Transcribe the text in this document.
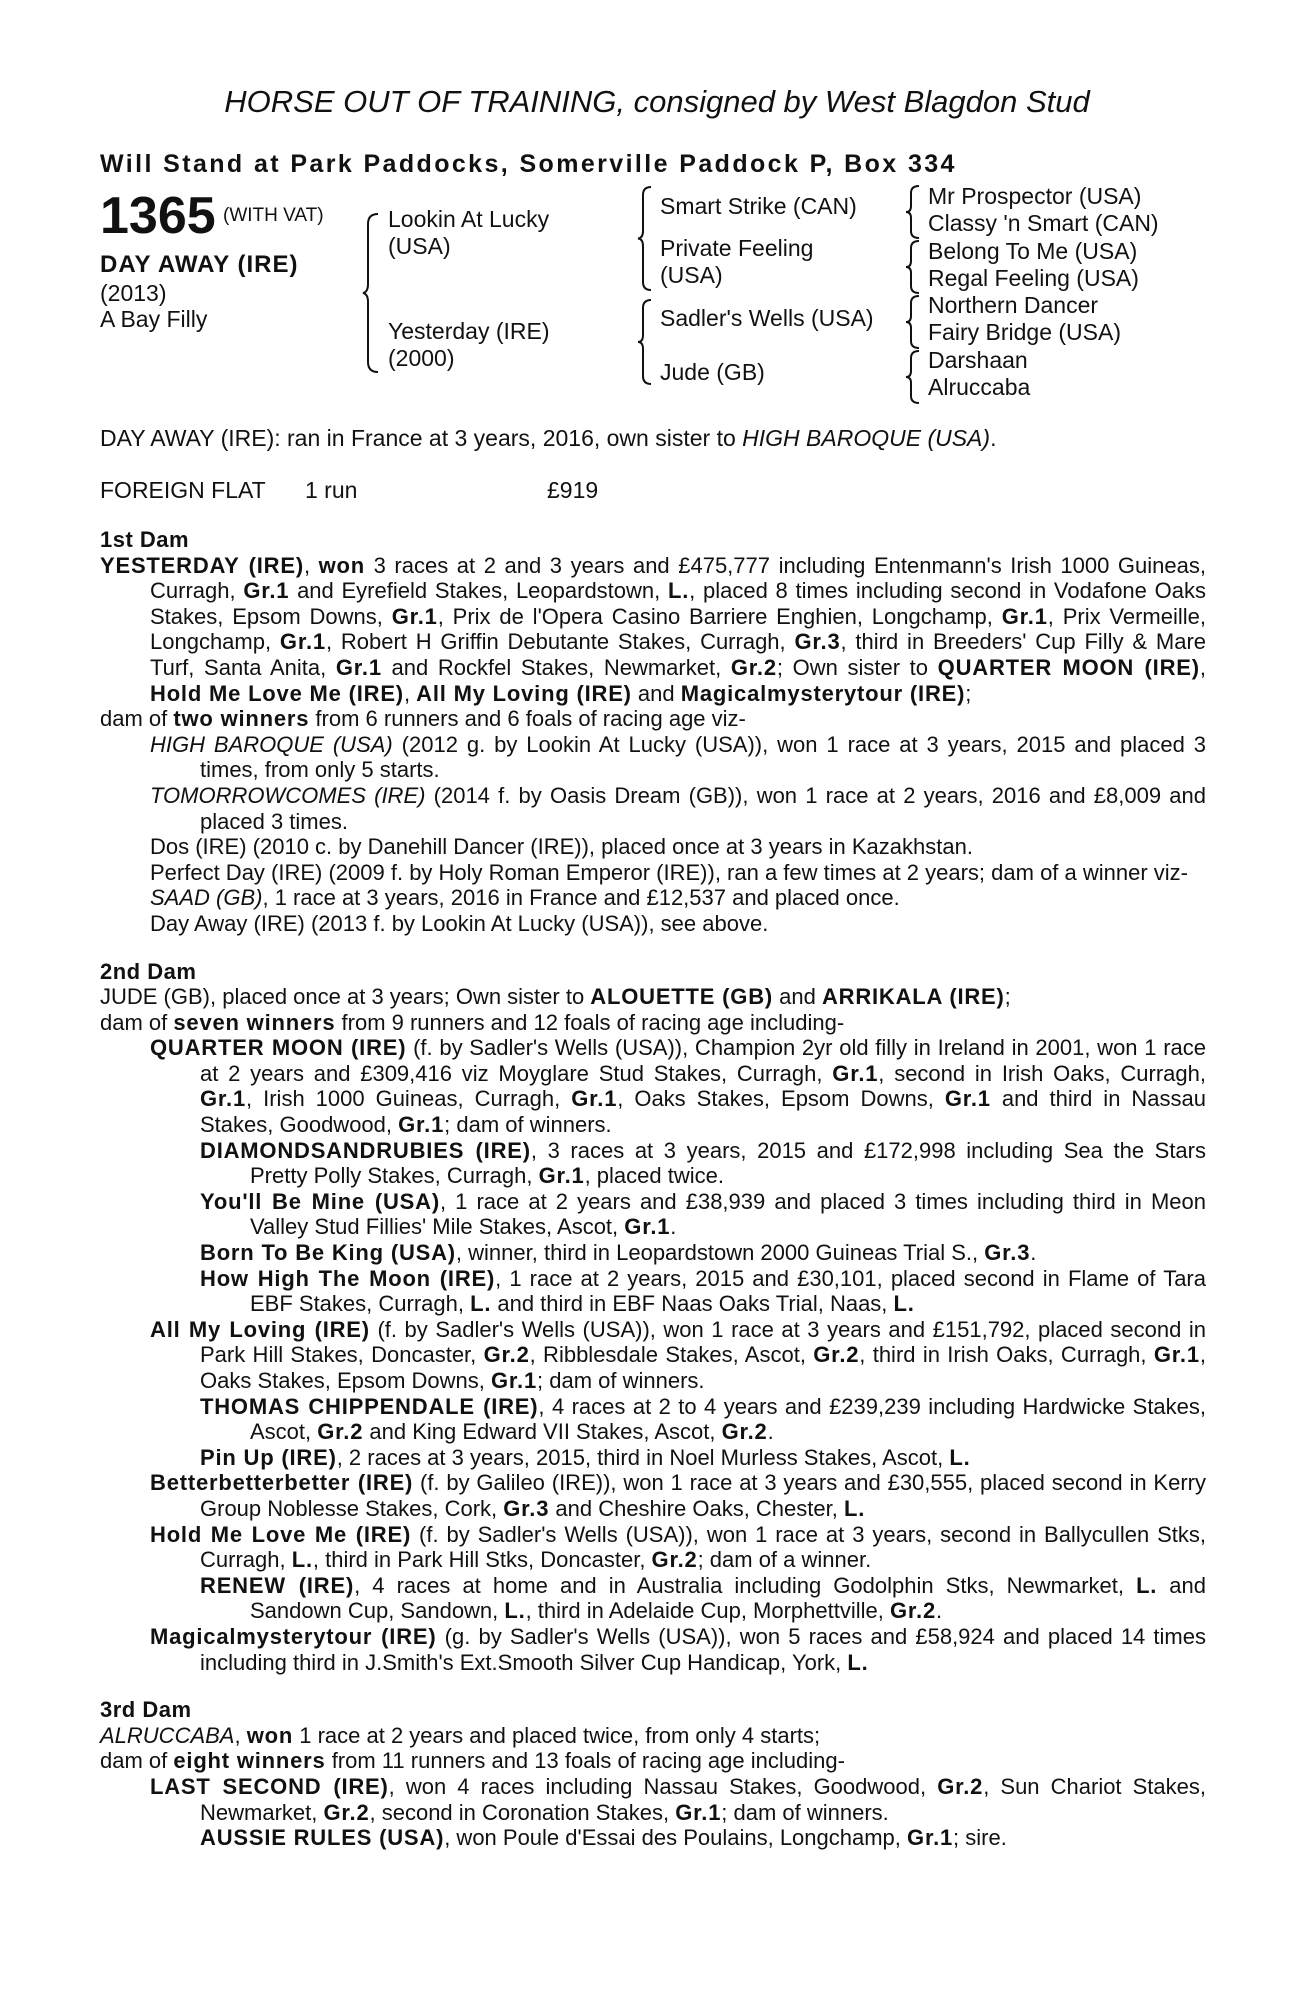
HORSE OUT OF TRAINING, consigned by West Blagdon Stud
Will Stand at Park Paddocks, Somerville Paddock P, Box 334
1365 (WITH VAT)
DAY AWAY (IRE)
(2013)
A Bay Filly
Lookin At Lucky
(USA)
Yesterday (IRE)
(2000)
Smart Strike (CAN)
Private Feeling
(USA)
Sadler's Wells (USA)
Jude (GB)
Mr Prospector (USA)
Classy 'n Smart (CAN)
Belong To Me (USA)
Regal Feeling (USA)
Northern Dancer
Fairy Bridge (USA)
Darshaan
Alruccaba
DAY AWAY (IRE): ran in France at 3 years, 2016, own sister to HIGH BAROQUE (USA).
FOREIGN FLAT 1 run	£919
1st Dam
YESTERDAY (IRE), won 3 races at 2 and 3 years and £475,777 including Entenmann's Irish 1000 Guineas, Curragh, Gr.1 and Eyrefield Stakes, Leopardstown, L., placed 8 times including second in Vodafone Oaks Stakes, Epsom Downs, Gr.1, Prix de l'Opera Casino Barriere Enghien, Longchamp, Gr.1, Prix Vermeille, Longchamp, Gr.1, Robert H Griffin Debutante Stakes, Curragh, Gr.3, third in Breeders' Cup Filly & Mare Turf, Santa Anita, Gr.1 and Rockfel Stakes, Newmarket, Gr.2; Own sister to QUARTER MOON (IRE), Hold Me Love Me (IRE), All My Loving (IRE) and Magicalmysterytour (IRE);
dam of two winners from 6 runners and 6 foals of racing age viz-
HIGH BAROQUE (USA) (2012 g. by Lookin At Lucky (USA)), won 1 race at 3 years, 2015 and placed 3 times, from only 5 starts.
TOMORROWCOMES (IRE) (2014 f. by Oasis Dream (GB)), won 1 race at 2 years, 2016 and £8,009 and placed 3 times.
Dos (IRE) (2010 c. by Danehill Dancer (IRE)), placed once at 3 years in Kazakhstan.
Perfect Day (IRE) (2009 f. by Holy Roman Emperor (IRE)), ran a few times at 2 years; dam of a winner viz-
SAAD (GB), 1 race at 3 years, 2016 in France and £12,537 and placed once.
Day Away (IRE) (2013 f. by Lookin At Lucky (USA)), see above.
2nd Dam
JUDE (GB), placed once at 3 years; Own sister to ALOUETTE (GB) and ARRIKALA (IRE);
dam of seven winners from 9 runners and 12 foals of racing age including-
QUARTER MOON (IRE) (f. by Sadler's Wells (USA)), Champion 2yr old filly in Ireland in 2001, won 1 race at 2 years and £309,416 viz Moyglare Stud Stakes, Curragh, Gr.1, second in Irish Oaks, Curragh, Gr.1, Irish 1000 Guineas, Curragh, Gr.1, Oaks Stakes, Epsom Downs, Gr.1 and third in Nassau Stakes, Goodwood, Gr.1; dam of winners.
DIAMONDSANDRUBIES (IRE), 3 races at 3 years, 2015 and £172,998 including Sea the Stars Pretty Polly Stakes, Curragh, Gr.1, placed twice.
You'll Be Mine (USA), 1 race at 2 years and £38,939 and placed 3 times including third in Meon Valley Stud Fillies' Mile Stakes, Ascot, Gr.1.
Born To Be King (USA), winner, third in Leopardstown 2000 Guineas Trial S., Gr.3.
How High The Moon (IRE), 1 race at 2 years, 2015 and £30,101, placed second in Flame of Tara EBF Stakes, Curragh, L. and third in EBF Naas Oaks Trial, Naas, L.
All My Loving (IRE) (f. by Sadler's Wells (USA)), won 1 race at 3 years and £151,792, placed second in Park Hill Stakes, Doncaster, Gr.2, Ribblesdale Stakes, Ascot, Gr.2, third in Irish Oaks, Curragh, Gr.1, Oaks Stakes, Epsom Downs, Gr.1; dam of winners.
THOMAS CHIPPENDALE (IRE), 4 races at 2 to 4 years and £239,239 including Hardwicke Stakes, Ascot, Gr.2 and King Edward VII Stakes, Ascot, Gr.2.
Pin Up (IRE), 2 races at 3 years, 2015, third in Noel Murless Stakes, Ascot, L.
Betterbetterbetter (IRE) (f. by Galileo (IRE)), won 1 race at 3 years and £30,555, placed second in Kerry Group Noblesse Stakes, Cork, Gr.3 and Cheshire Oaks, Chester, L.
Hold Me Love Me (IRE) (f. by Sadler's Wells (USA)), won 1 race at 3 years, second in Ballycullen Stks, Curragh, L., third in Park Hill Stks, Doncaster, Gr.2; dam of a winner.
RENEW (IRE), 4 races at home and in Australia including Godolphin Stks, Newmarket, L. and Sandown Cup, Sandown, L., third in Adelaide Cup, Morphettville, Gr.2.
Magicalmysterytour (IRE) (g. by Sadler's Wells (USA)), won 5 races and £58,924 and placed 14 times including third in J.Smith's Ext.Smooth Silver Cup Handicap, York, L.
3rd Dam
ALRUCCABA, won 1 race at 2 years and placed twice, from only 4 starts;
dam of eight winners from 11 runners and 13 foals of racing age including-
LAST SECOND (IRE), won 4 races including Nassau Stakes, Goodwood, Gr.2, Sun Chariot Stakes, Newmarket, Gr.2, second in Coronation Stakes, Gr.1; dam of winners.
AUSSIE RULES (USA), won Poule d'Essai des Poulains, Longchamp, Gr.1; sire.
